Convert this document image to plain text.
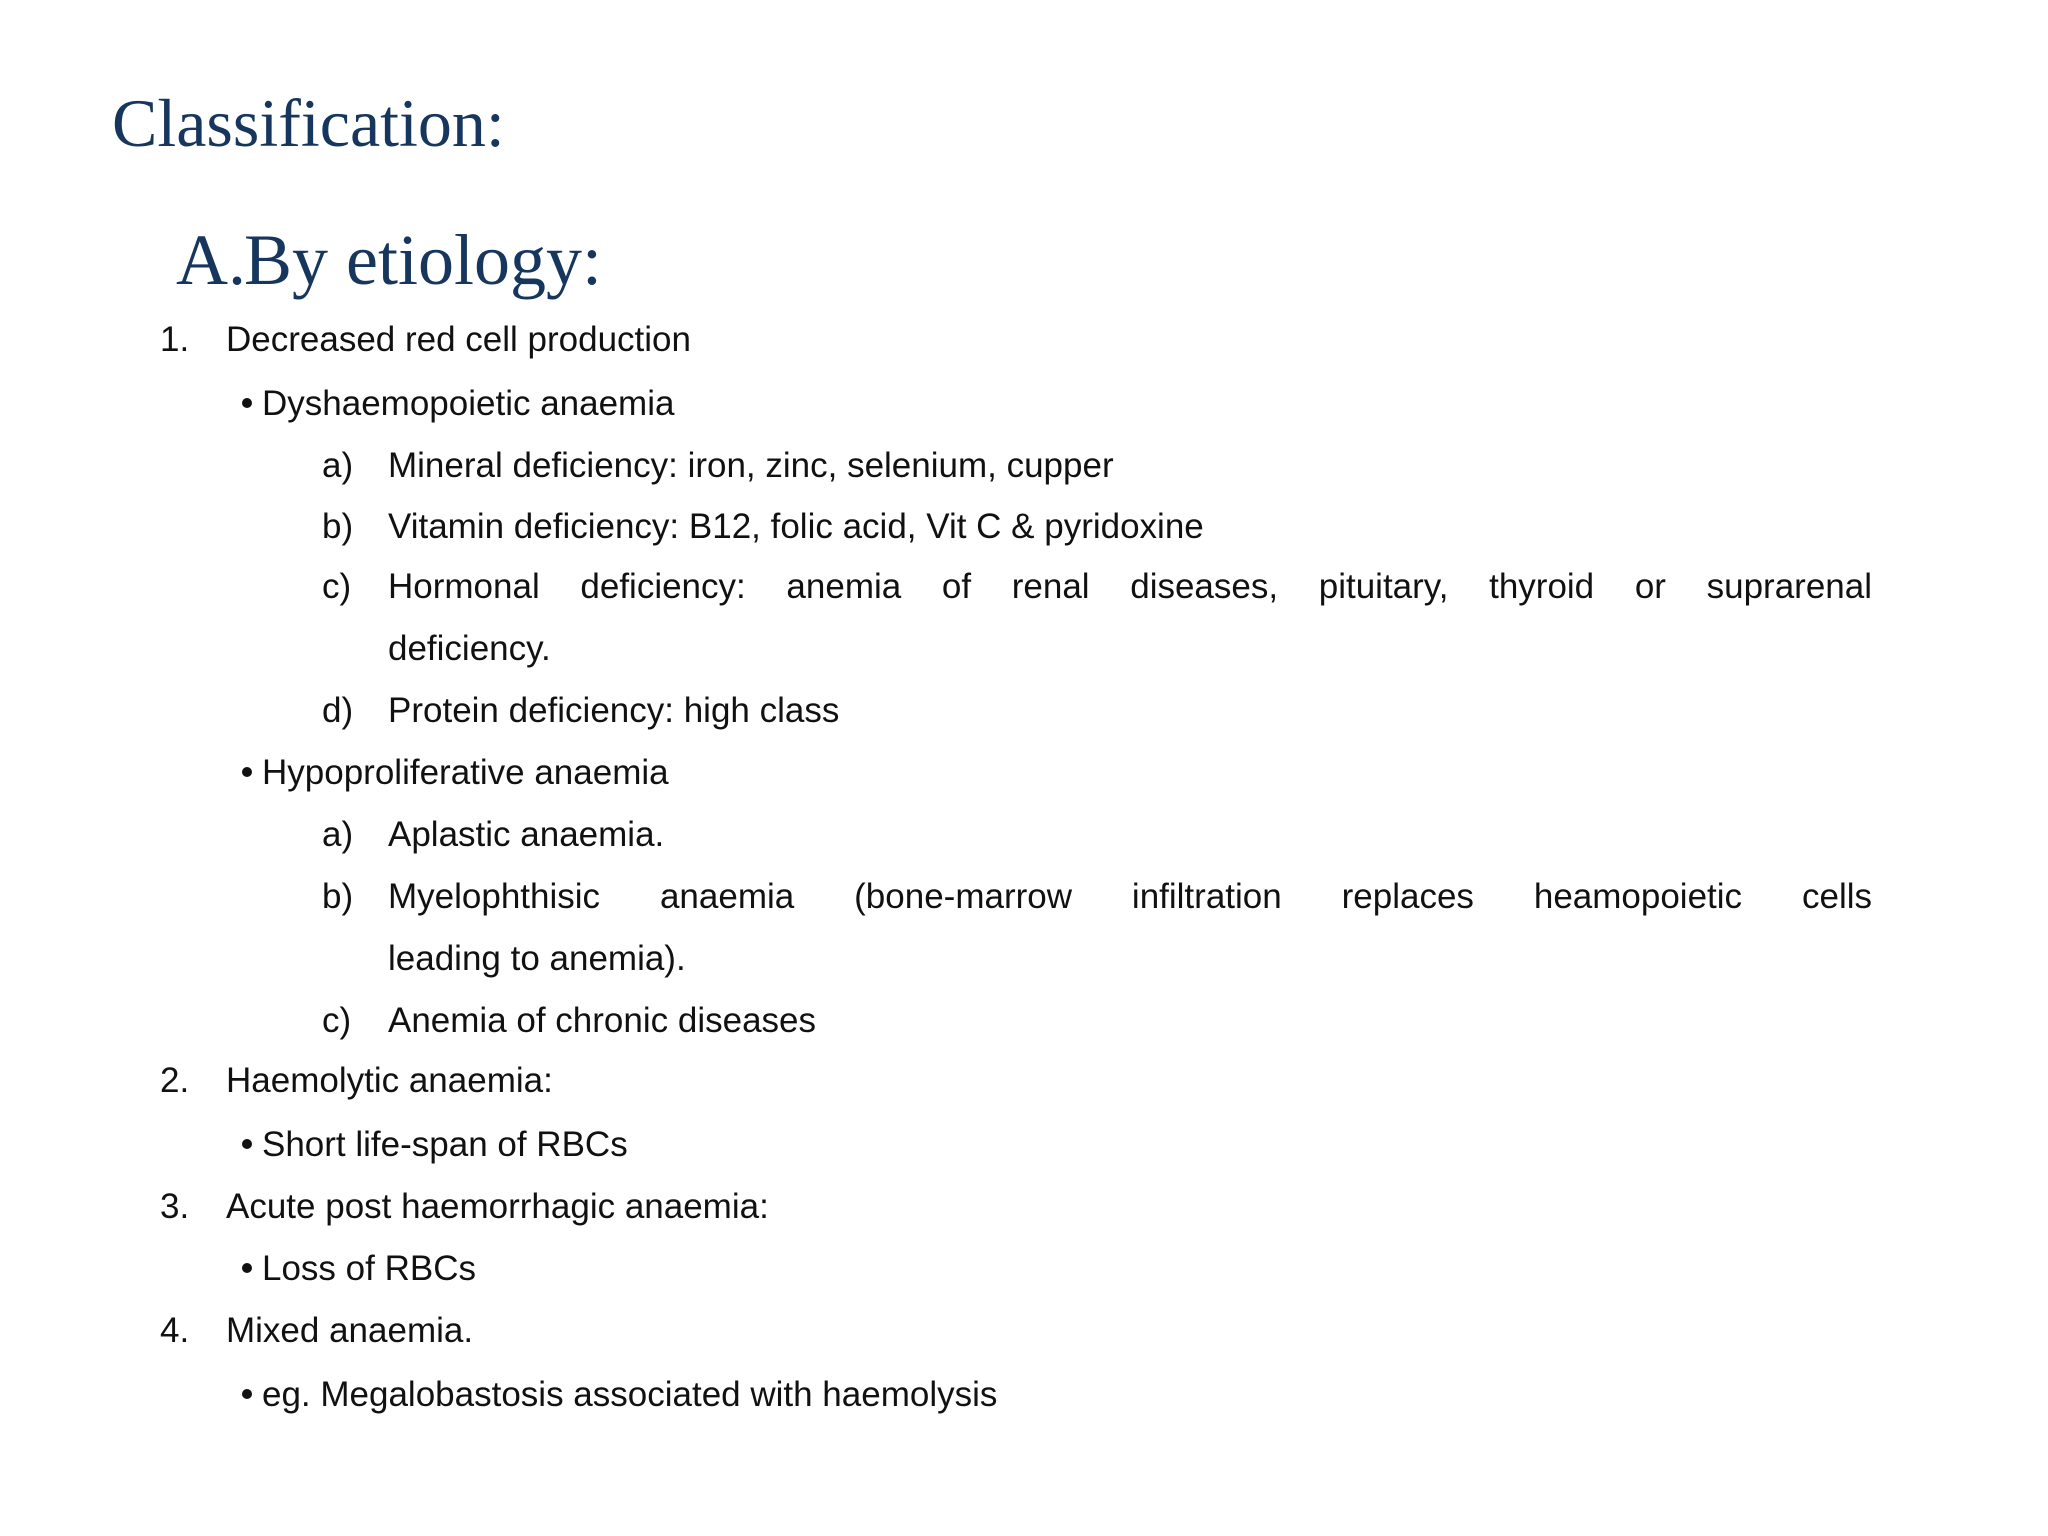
Classification:
A.By etiology:
1. Decreased red cell production
Dyshaemopoietic anaemia
a) Mineral deficiency: iron, zinc, selenium, cupper
b) Vitamin deficiency: B12, folic acid, Vit C & pyridoxine
c) Hormonal deficiency: anemia of renal diseases, pituitary, thyroid or suprarenal
deficiency.
d) Protein deficiency: high class
Hypoproliferative anaemia
a) Aplastic anaemia.
b) Myelophthisic anaemia (bone-marrow infiltration replaces heamopoietic cells
leading to anemia).
c) Anemia of chronic diseases
2. Haemolytic anaemia:
Short life-span of RBCs
3. Acute post haemorrhagic anaemia:
Loss of RBCs
4. Mixed anaemia.
eg. Megalobastosis associated with haemolysis
